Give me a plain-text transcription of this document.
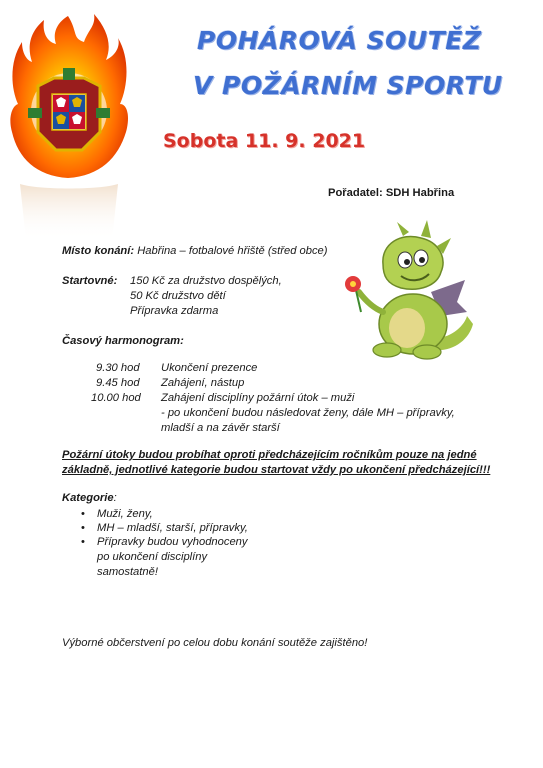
POHÁROVÁ SOUTĚŽ
V POŽÁRNÍM SPORTU
Sobota 11. 9. 2021
Pořadatel: SDH Habřina
Místo konání: Habřina – fotbalové hřiště (střed obce)
Startovné: 150 Kč za družstvo dospělých,
50 Kč družstvo dětí
Přípravka zdarma
Časový harmonogram:
9.30 hod Ukončení prezence
9.45 hod Zahájení, nástup
10.00 hod Zahájení disciplíny požární útok – muži
- po ukončení budou následovat ženy, dále MH – přípravky,
mladší a na závěr starší
Požární útoky budou probíhat oproti předcházejícím ročníkům pouze na jedné
základně, jednotlivé kategorie budou startovat vždy po ukončení předcházející!!!
Kategorie:
• Muži, ženy,
• MH – mladší, starší, přípravky,
• Přípravky budou vyhodnoceny
po ukončení disciplíny
samostatně!
Výborné občerstvení po celou dobu konání soutěže zajištěno!
